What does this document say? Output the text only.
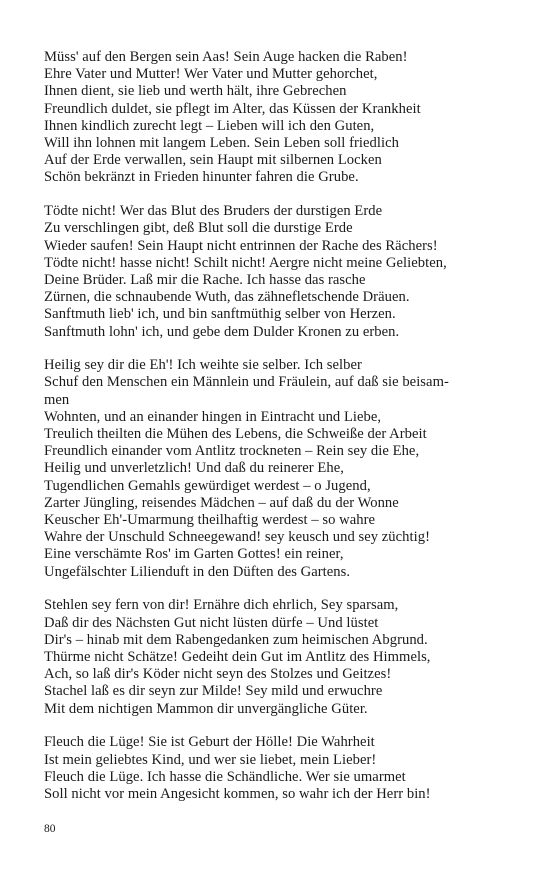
Müss' auf den Bergen sein Aas! Sein Auge hacken die Raben!
Ehre Vater und Mutter! Wer Vater und Mutter gehorchet,
Ihnen dient, sie lieb und werth hält, ihre Gebrechen
Freundlich duldet, sie pflegt im Alter, das Küssen der Krankheit
Ihnen kindlich zurecht legt – Lieben will ich den Guten,
Will ihn lohnen mit langem Leben. Sein Leben soll friedlich
Auf der Erde verwallen, sein Haupt mit silbernen Locken
Schön bekränzt in Frieden hinunter fahren die Grube.
Tödte nicht! Wer das Blut des Bruders der durstigen Erde
Zu verschlingen gibt, deß Blut soll die durstige Erde
Wieder saufen! Sein Haupt nicht entrinnen der Rache des Rächers!
Tödte nicht! hasse nicht! Schilt nicht! Aergre nicht meine Geliebten,
Deine Brüder. Laß mir die Rache. Ich hasse das rasche
Zürnen, die schnaubende Wuth, das zähnefletschende Dräuen.
Sanftmuth lieb' ich, und bin sanftmüthig selber von Herzen.
Sanftmuth lohn' ich, und gebe dem Dulder Kronen zu erben.
Heilig sey dir die Eh'! Ich weihte sie selber. Ich selber
Schuf den Menschen ein Männlein und Fräulein, auf daß sie beisam-
men
Wohnten, und an einander hingen in Eintracht und Liebe,
Treulich theilten die Mühen des Lebens, die Schweiße der Arbeit
Freundlich einander vom Antlitz trockneten – Rein sey die Ehe,
Heilig und unverletzlich! Und daß du reinerer Ehe,
Tugendlichen Gemahls gewürdiget werdest – o Jugend,
Zarter Jüngling, reisendes Mädchen – auf daß du der Wonne
Keuscher Eh'-Umarmung theilhaftig werdest – so wahre
Wahre der Unschuld Schneegewand! sey keusch und sey züchtig!
Eine verschämte Ros' im Garten Gottes! ein reiner,
Ungefälschter Lilienduft in den Düften des Gartens.
Stehlen sey fern von dir! Ernähre dich ehrlich, Sey sparsam,
Daß dir des Nächsten Gut nicht lüsten dürfe – Und lüstet
Dir's – hinab mit dem Rabengedanken zum heimischen Abgrund.
Thürme nicht Schätze! Gedeiht dein Gut im Antlitz des Himmels,
Ach, so laß dir's Köder nicht seyn des Stolzes und Geitzes!
Stachel laß es dir seyn zur Milde! Sey mild und erwuchre
Mit dem nichtigen Mammon dir unvergängliche Güter.
Fleuch die Lüge! Sie ist Geburt der Hölle! Die Wahrheit
Ist mein geliebtes Kind, und wer sie liebet, mein Lieber!
Fleuch die Lüge. Ich hasse die Schändliche. Wer sie umarmet
Soll nicht vor mein Angesicht kommen, so wahr ich der Herr bin!
80
